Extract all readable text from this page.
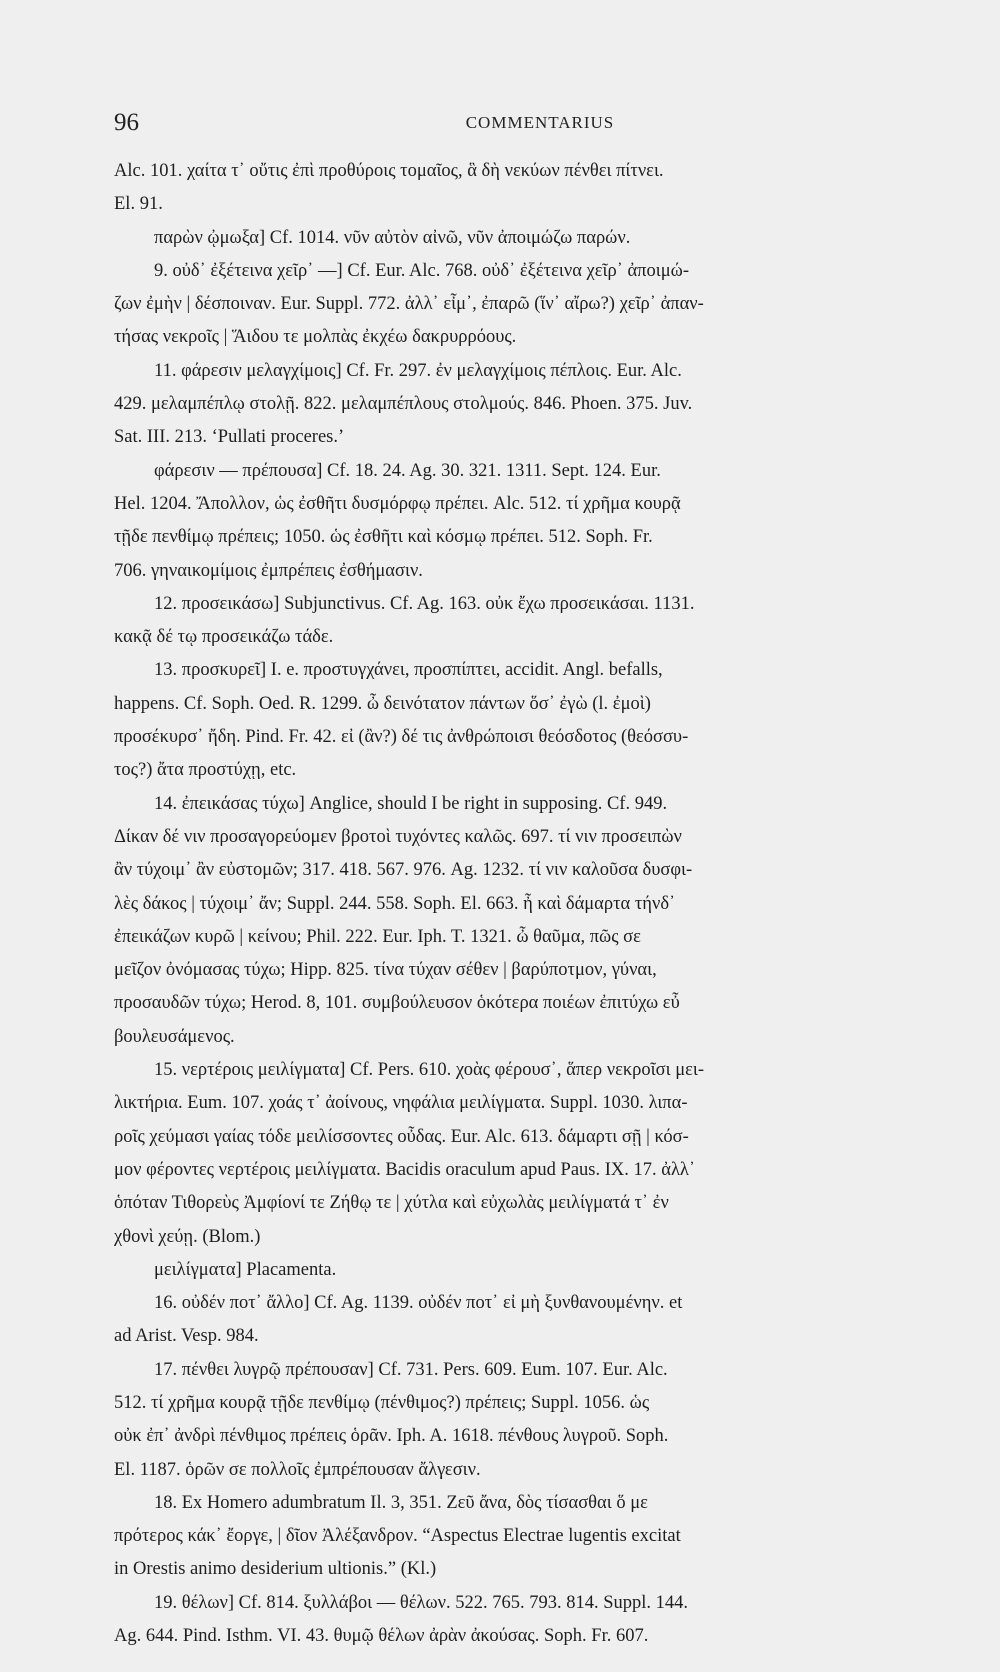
96	COMMENTARIUS
Alc. 101. χαίτα τ᾽ οὔτις ἐπὶ προθύροις τομαῖος, ἃ δὴ νεκύων πένθει πίτνει.
El. 91.
παρὼν ᾠμωξα] Cf. 1014. νῦν αὐτὸν αἰνῶ, νῦν ἀποιμώζω παρών.
9. οὐδ᾽ ἐξέτεινα χεῖρ᾽ —] Cf. Eur. Alc. 768. οὐδ᾽ ἐξέτεινα χεῖρ᾽ ἀποιμώ-
ζων ἐμὴν | δέσποιναν. Eur. Suppl. 772. ἀλλ᾽ εἶμ᾽, ἐπαρῶ (ἵν᾽ αἴρω?) χεῖρ᾽ ἀπαν-
τήσας νεκροῖς | Ἅιδου τε μολπὰς ἐκχέω δακρυρρόους.
11. φάρεσιν μελαγχίμοις] Cf. Fr. 297. ἐν μελαγχίμοις πέπλοις. Eur. Alc.
429. μελαμπέπλῳ στολῇ. 822. μελαμπέπλους στολμούς. 846. Phoen. 375. Juv.
Sat. III. 213. ‘Pullati proceres.’
φάρεσιν — πρέπουσα] Cf. 18. 24. Ag. 30. 321. 1311. Sept. 124. Eur.
Hel. 1204. Ἄπολλον, ὡς ἐσθῆτι δυσμόρφῳ πρέπει. Alc. 512. τί χρῆμα κουρᾷ
τῇδε πενθίμῳ πρέπεις; 1050. ὡς ἐσθῆτι καὶ κόσμῳ πρέπει. 512. Soph. Fr.
706. γηναικομίμοις ἐμπρέπεις ἐσθήμασιν.
12. προσεικάσω] Subjunctivus. Cf. Ag. 163. οὐκ ἔχω προσεικάσαι. 1131.
κακᾷ δέ τῳ προσεικάζω τάδε.
13. προσκυρεῖ] I. e. προστυγχάνει, προσπίπτει, accidit. Angl. befalls,
happens. Cf. Soph. Oed. R. 1299. ὦ δεινότατον πάντων ὅσ᾽ ἐγὼ (l. ἐμοὶ)
προσέκυρσ᾽ ἤδη. Pind. Fr. 42. εἰ (ἂν?) δέ τις ἀνθρώποισι θεόσδοτος (θεόσσυ-
τος?) ἄτα προστύχῃ, etc.
14. ἐπεικάσας τύχω] Anglice, should I be right in supposing. Cf. 949.
Δίκαν δέ νιν προσαγορεύομεν βροτοὶ τυχόντες καλῶς. 697. τί νιν προσειπὼν
ἂν τύχοιμ᾽ ἂν εὐστομῶν; 317. 418. 567. 976. Ag. 1232. τί νιν καλοῦσα δυσφι-
λὲς δάκος | τύχοιμ᾽ ἄν; Suppl. 244. 558. Soph. El. 663. ἦ καὶ δάμαρτα τήνδ᾽
ἐπεικάζων κυρῶ | κείνου; Phil. 222. Eur. Iph. T. 1321. ὦ θαῦμα, πῶς σε
μεῖζον ὀνόμασας τύχω; Hipp. 825. τίνα τύχαν σέθεν | βαρύποτμον, γύναι,
προσαυδῶν τύχω; Herod. 8, 101. συμβούλευσον ὁκότερα ποιέων ἐπιτύχω εὖ
βουλευσάμενος.
15. νερτέροις μειλίγματα] Cf. Pers. 610. χοὰς φέρουσ᾽, ἅπερ νεκροῖσι μει-
λικτήρια. Eum. 107. χοάς τ᾽ ἀοίνους, νηφάλια μειλίγματα. Suppl. 1030. λιπα-
ροῖς χεύμασι γαίας τόδε μειλίσσοντες οὖδας. Eur. Alc. 613. δάμαρτι σῇ | κόσ-
μον φέροντες νερτέροις μειλίγματα. Bacidis oraculum apud Paus. IX. 17. ἀλλ᾽
ὁπόταν Τιθορεὺς Ἀμφίονί τε Ζήθῳ τε | χύτλα καὶ εὐχωλὰς μειλίγματά τ᾽ ἐν
χθονὶ χεύῃ. (Blom.)
μειλίγματα] Placamenta.
16. οὐδέν ποτ᾽ ἄλλο] Cf. Ag. 1139. οὐδέν ποτ᾽ εἰ μὴ ξυνθανουμένην. et
ad Arist. Vesp. 984.
17. πένθει λυγρῷ πρέπουσαν] Cf. 731. Pers. 609. Eum. 107. Eur. Alc.
512. τί χρῆμα κουρᾷ τῇδε πενθίμῳ (πένθιμος?) πρέπεις; Suppl. 1056. ὡς
οὐκ ἐπ᾽ ἀνδρὶ πένθιμος πρέπεις ὁρᾶν. Iph. A. 1618. πένθους λυγροῦ. Soph.
El. 1187. ὁρῶν σε πολλοῖς ἐμπρέπουσαν ἄλγεσιν.
18. Ex Homero adumbratum Il. 3, 351. Ζεῦ ἄνα, δὸς τίσασθαι ὅ με
πρότερος κάκ᾽ ἔοργε, | δῖον Ἀλέξανδρον. “Aspectus Electrae lugentis excitat
in Orestis animo desiderium ultionis.” (Kl.)
19. θέλων] Cf. 814. ξυλλάβοι — θέλων. 522. 765. 793. 814. Suppl. 144.
Ag. 644. Pind. Isthm. VI. 43. θυμῷ θέλων ἀρὰν ἀκούσας. Soph. Fr. 607.
